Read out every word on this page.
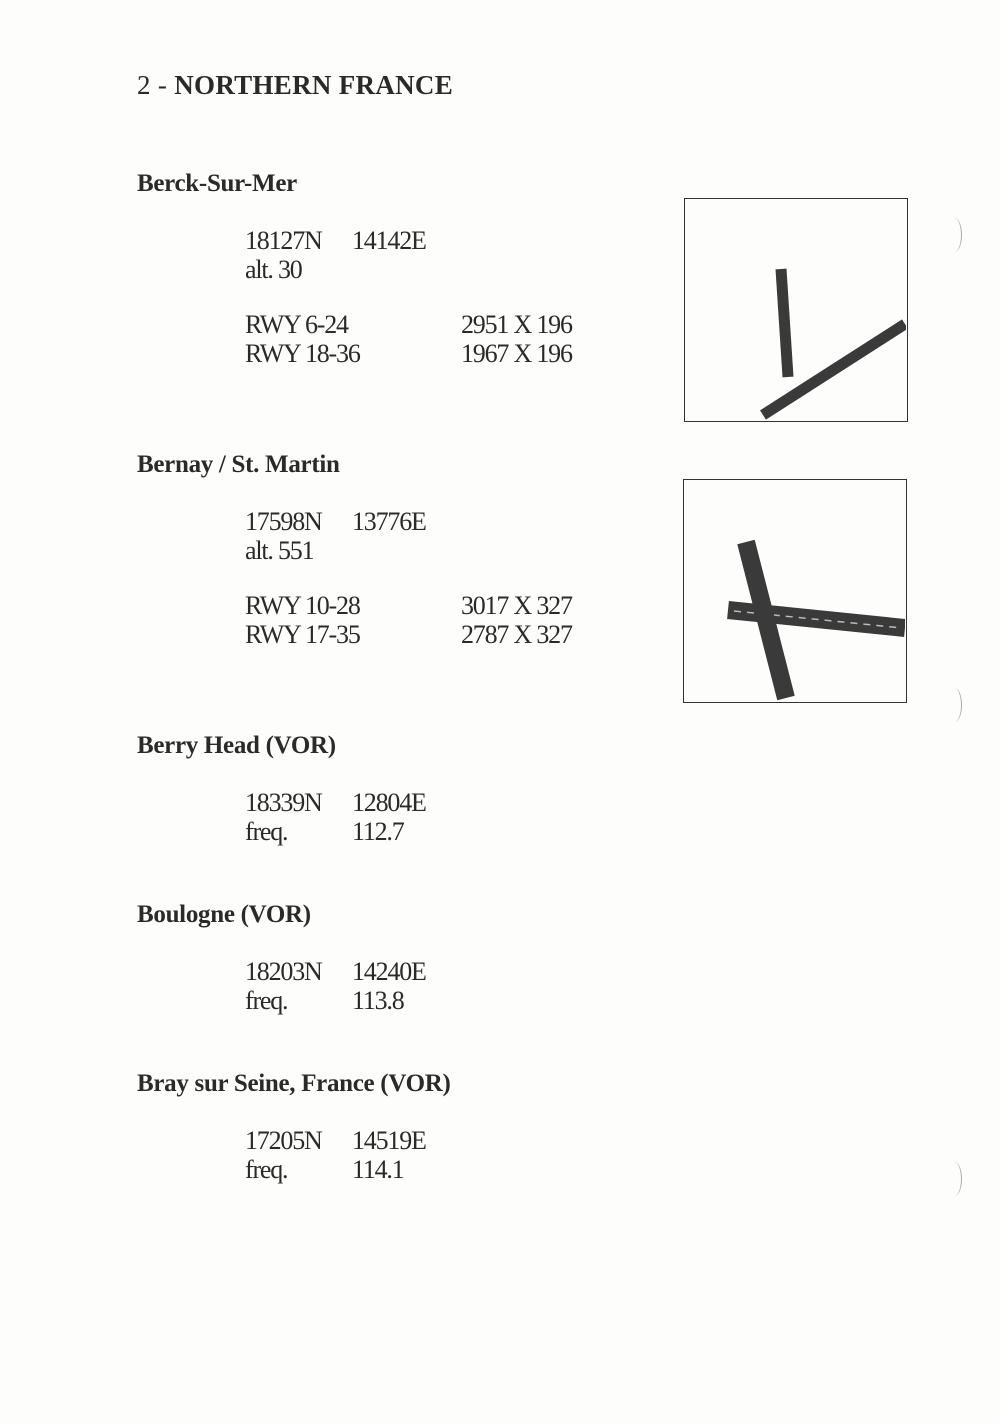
2 - NORTHERN FRANCE
Berck-Sur-Mer
18127N 14142E
alt. 30
RWY 6-24	2951 X 196
RWY 18-36	1967 X 196
Bernay / St. Martin
17598N 13776E
alt. 551
RWY 10-28	3017 X 327
RWY 17-35	2787 X 327
Berry Head (VOR)
18339N 12804E
freq. 112.7
Boulogne (VOR)
18203N 14240E
freq. 113.8
Bray sur Seine, France (VOR)
17205N 14519E
freq. 114.1
